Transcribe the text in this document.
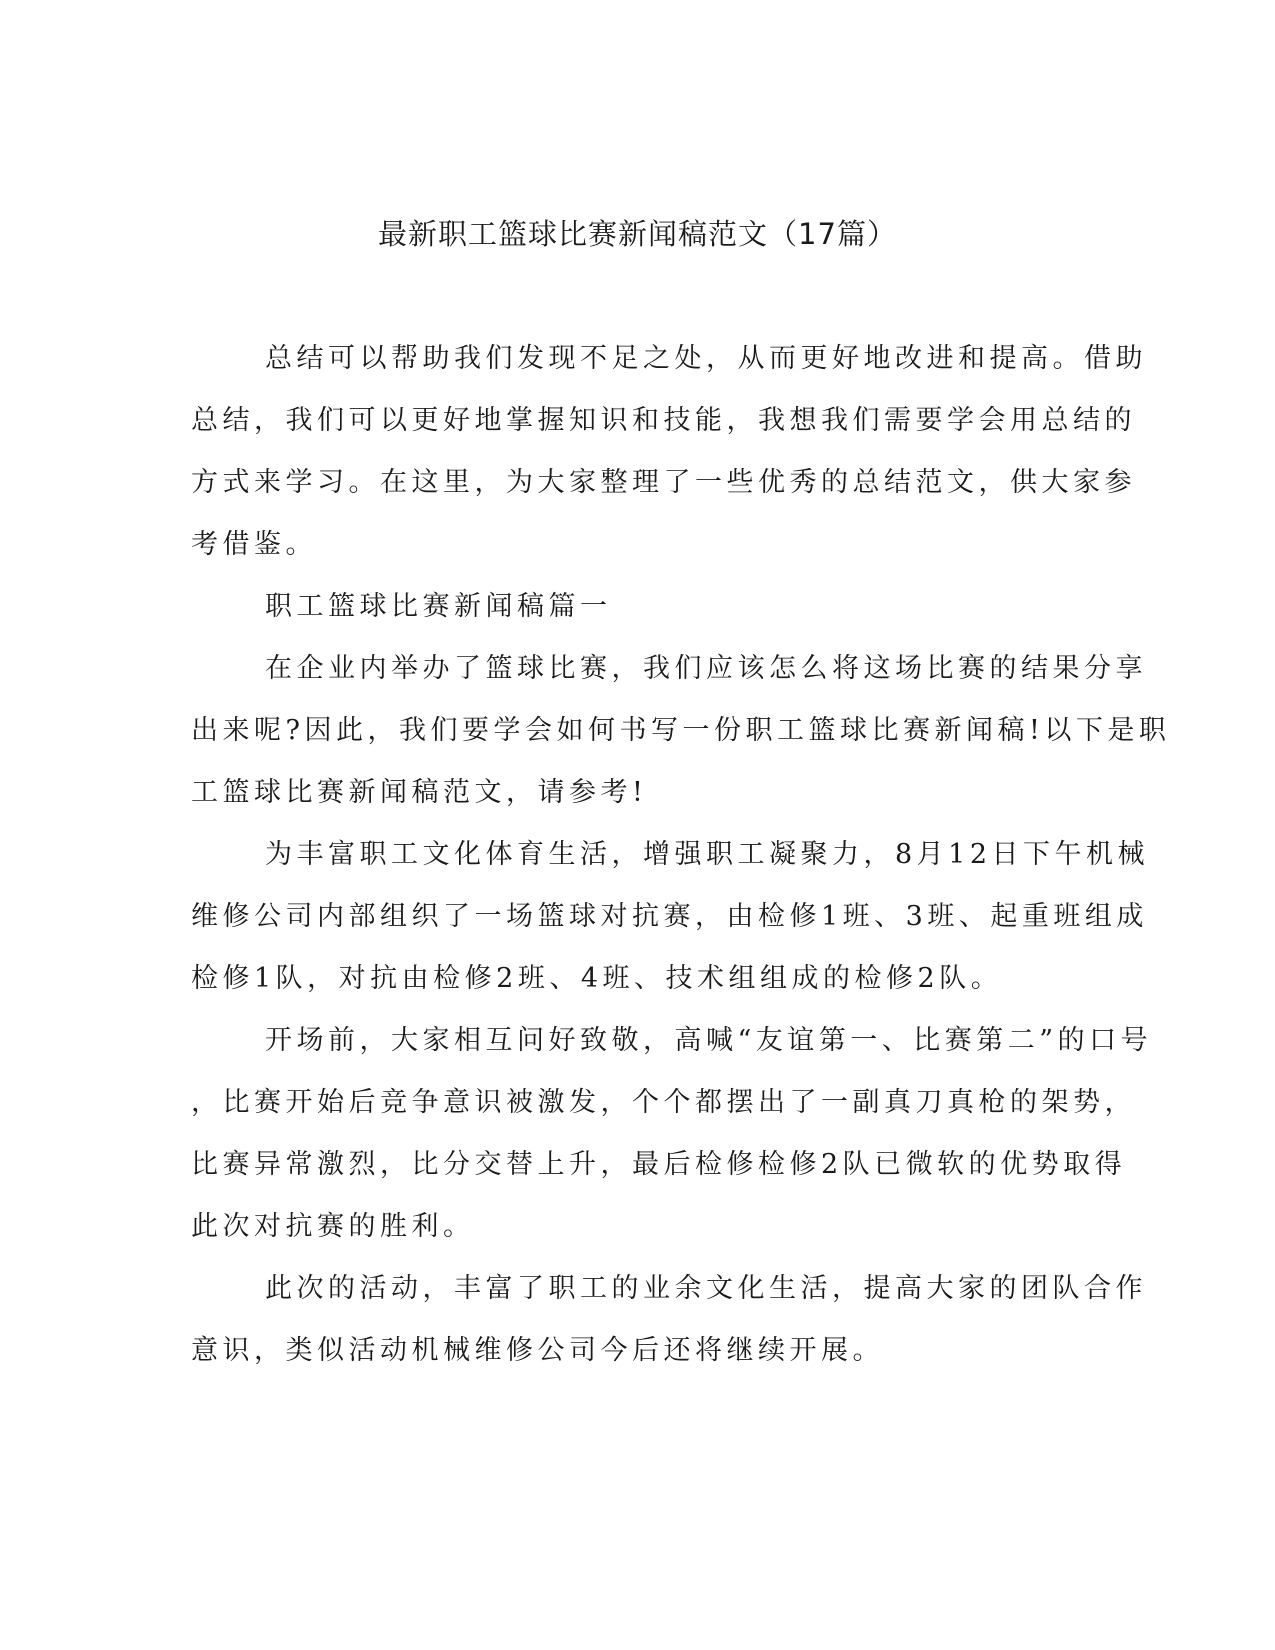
最新职工篮球比赛新闻稿范文（17篇）
总结可以帮助我们发现不足之处，从而更好地改进和提高。借助
总结，我们可以更好地掌握知识和技能，我想我们需要学会用总结的
方式来学习。在这里，为大家整理了一些优秀的总结范文，供大家参
考借鉴。
职工篮球比赛新闻稿篇一
在企业内举办了篮球比赛，我们应该怎么将这场比赛的结果分享
出来呢?因此，我们要学会如何书写一份职工篮球比赛新闻稿!以下是职
工篮球比赛新闻稿范文，请参考!
为丰富职工文化体育生活，增强职工凝聚力，8月12日下午机械
维修公司内部组织了一场篮球对抗赛，由检修1班、3班、起重班组成
检修1队，对抗由检修2班、4班、技术组组成的检修2队。
开场前，大家相互问好致敬，高喊“友谊第一、比赛第二”的口号
，比赛开始后竞争意识被激发，个个都摆出了一副真刀真枪的架势，
比赛异常激烈，比分交替上升，最后检修检修2队已微软的优势取得
此次对抗赛的胜利。
此次的活动，丰富了职工的业余文化生活，提高大家的团队合作
意识，类似活动机械维修公司今后还将继续开展。
